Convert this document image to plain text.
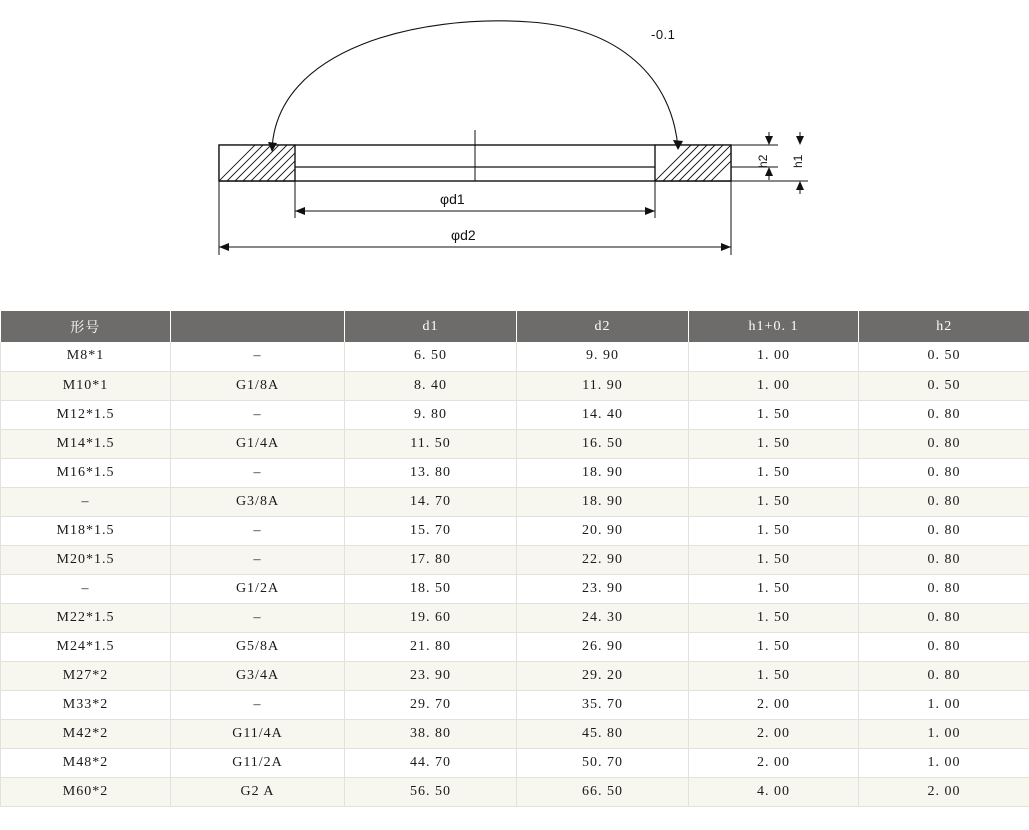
-0.1
h2 h1
φd1
φd2
形号		d1	d2	h1+0. 1	h2
M8*1	–	6. 50	9. 90	1. 00	0. 50
M10*1	G1/8A	8. 40	11. 90	1. 00	0. 50
M12*1.5	–	9. 80	14. 40	1. 50	0. 80
M14*1.5	G1/4A	11. 50	16. 50	1. 50	0. 80
M16*1.5	–	13. 80	18. 90	1. 50	0. 80
–	G3/8A	14. 70	18. 90	1. 50	0. 80
M18*1.5	–	15. 70	20. 90	1. 50	0. 80
M20*1.5	–	17. 80	22. 90	1. 50	0. 80
–	G1/2A	18. 50	23. 90	1. 50	0. 80
M22*1.5	–	19. 60	24. 30	1. 50	0. 80
M24*1.5	G5/8A	21. 80	26. 90	1. 50	0. 80
M27*2	G3/4A	23. 90	29. 20	1. 50	0. 80
M33*2	–	29. 70	35. 70	2. 00	1. 00
M42*2	G11/4A	38. 80	45. 80	2. 00	1. 00
M48*2	G11/2A	44. 70	50. 70	2. 00	1. 00
M60*2	G2 A	56. 50	66. 50	4. 00	2. 00
